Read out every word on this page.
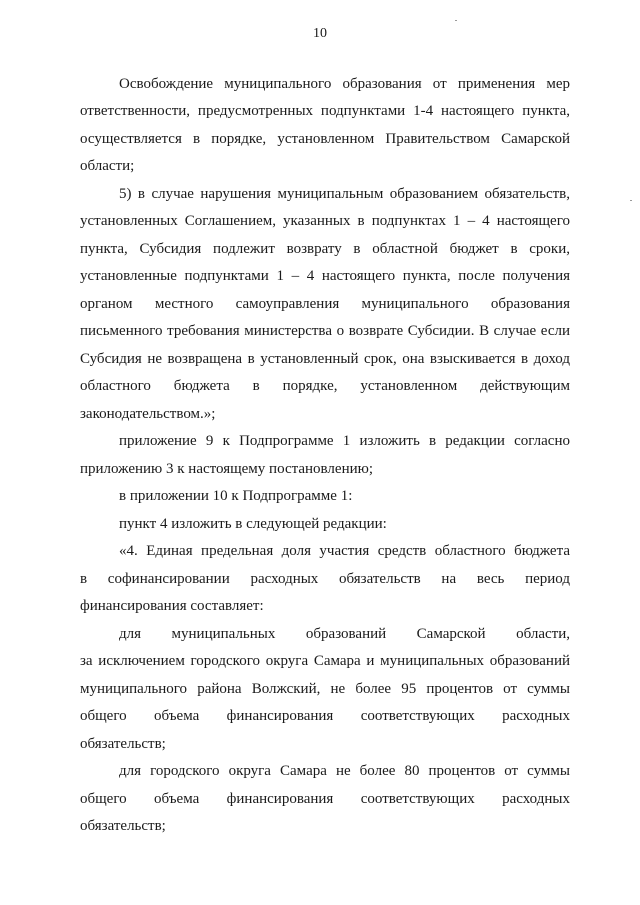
10
Освобождение муниципального образования от применения мер
ответственности, предусмотренных подпунктами 1-4 настоящего пункта,
осуществляется в порядке, установленном Правительством Самарской
области;
5) в случае нарушения муниципальным образованием обязательств,
установленных Соглашением, указанных в подпунктах 1 – 4 настоящего
пункта, Субсидия подлежит возврату в областной бюджет в сроки,
установленные подпунктами 1 – 4 настоящего пункта, после получения
органом местного самоуправления муниципального образования
письменного требования министерства о возврате Субсидии. В случае если
Субсидия не возвращена в установленный срок, она взыскивается в доход
областного бюджета в порядке, установленном действующим
законодательством.»;
приложение 9 к Подпрограмме 1 изложить в редакции согласно
приложению 3 к настоящему постановлению;
в приложении 10 к Подпрограмме 1:
пункт 4 изложить в следующей редакции:
«4. Единая предельная доля участия средств областного бюджета
в софинансировании расходных обязательств на весь период
финансирования составляет:
для муниципальных образований Самарской области,
за исключением городского округа Самара и муниципальных образований
муниципального района Волжский, не более 95 процентов от суммы
общего объема финансирования соответствующих расходных
обязательств;
для городского округа Самара не более 80 процентов от суммы
общего объема финансирования соответствующих расходных
обязательств;
